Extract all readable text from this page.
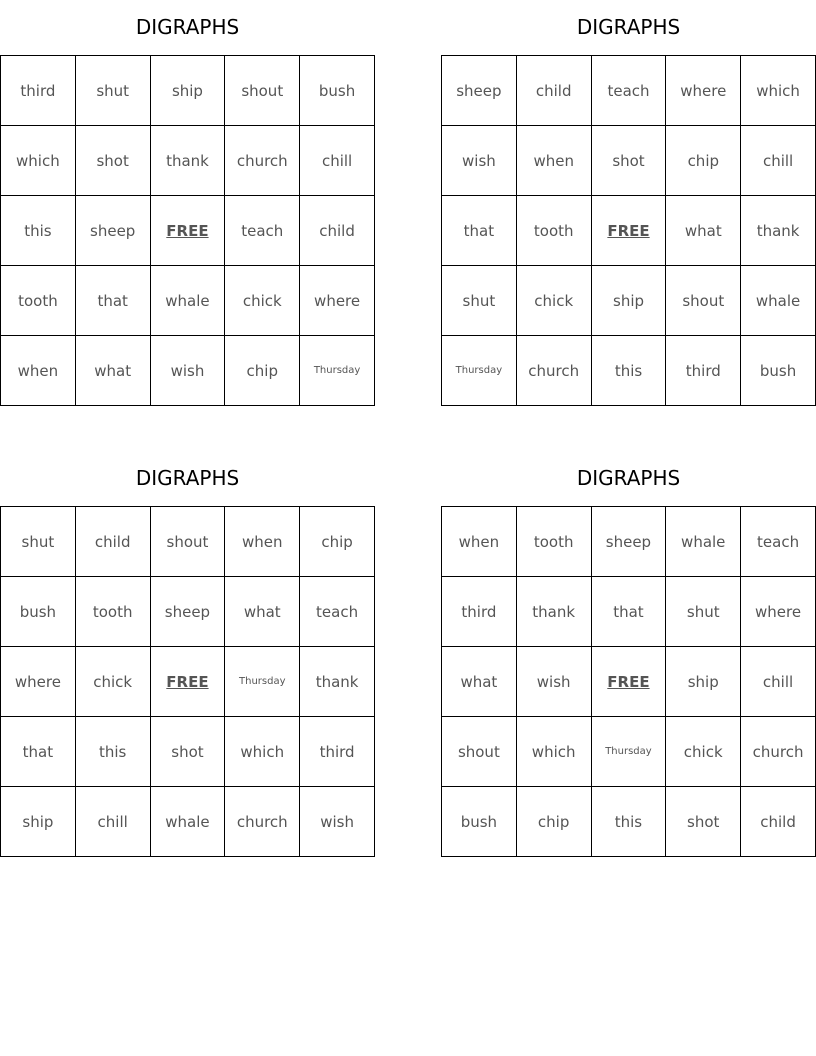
DIGRAPHS
third	shut	ship	shout	bush
which	shot	thank	church	chill
this	sheep	FREE	teach	child
tooth	that	whale	chick	where
when	what	wish	chip	Thursday
DIGRAPHS
sheep	child	teach	where	which
wish	when	shot	chip	chill
that	tooth	FREE	what	thank
shut	chick	ship	shout	whale
Thursday	church	this	third	bush
DIGRAPHS
shut	child	shout	when	chip
bush	tooth	sheep	what	teach
where	chick	FREE	Thursday	thank
that	this	shot	which	third
ship	chill	whale	church	wish
DIGRAPHS
when	tooth	sheep	whale	teach
third	thank	that	shut	where
what	wish	FREE	ship	chill
shout	which	Thursday	chick	church
bush	chip	this	shot	child
